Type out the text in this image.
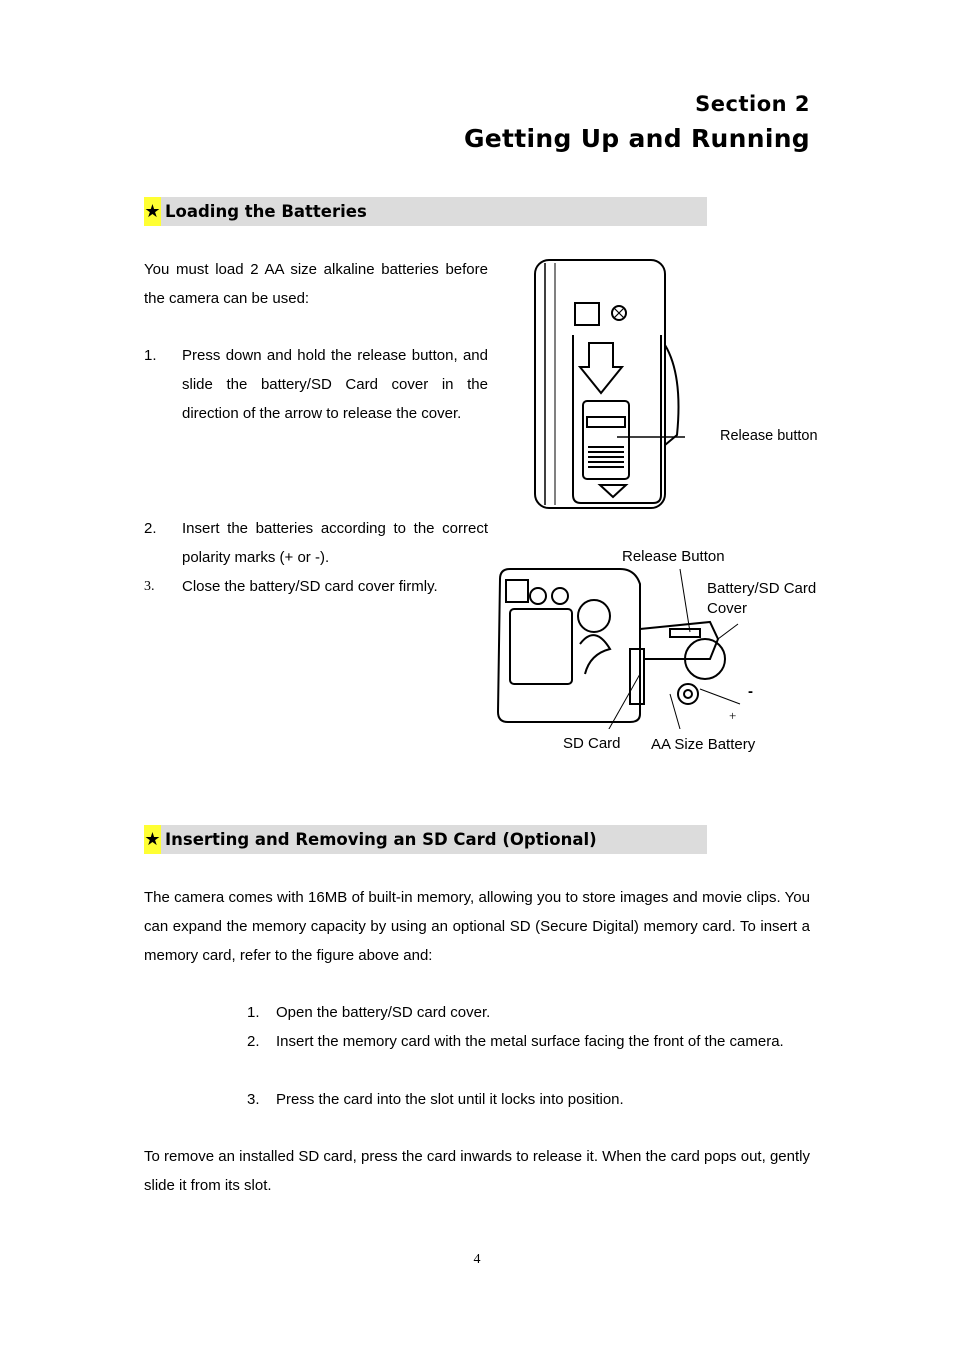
Section 2
Getting Up and Running
★ Loading the Batteries
You must load 2 AA size alkaline batteries before the camera can be used:
1. Press down and hold the release button, and slide the battery/SD Card cover in the direction of the arrow to release the cover.
2. Insert the batteries according to the correct polarity marks (+ or -).
3. Close the battery/SD card cover firmly.
Release button
Release Button
Battery/SD Card Cover
-
+
SD Card AA Size Battery
★ Inserting and Removing an SD Card (Optional)
The camera comes with 16MB of built-in memory, allowing you to store images and movie clips. You can expand the memory capacity by using an optional SD (Secure Digital) memory card. To insert a memory card, refer to the figure above and:
1. Open the battery/SD card cover.
2. Insert the memory card with the metal surface facing the front of the camera.
3. Press the card into the slot until it locks into position.
To remove an installed SD card, press the card inwards to release it. When the card pops out, gently slide it from its slot.
4
